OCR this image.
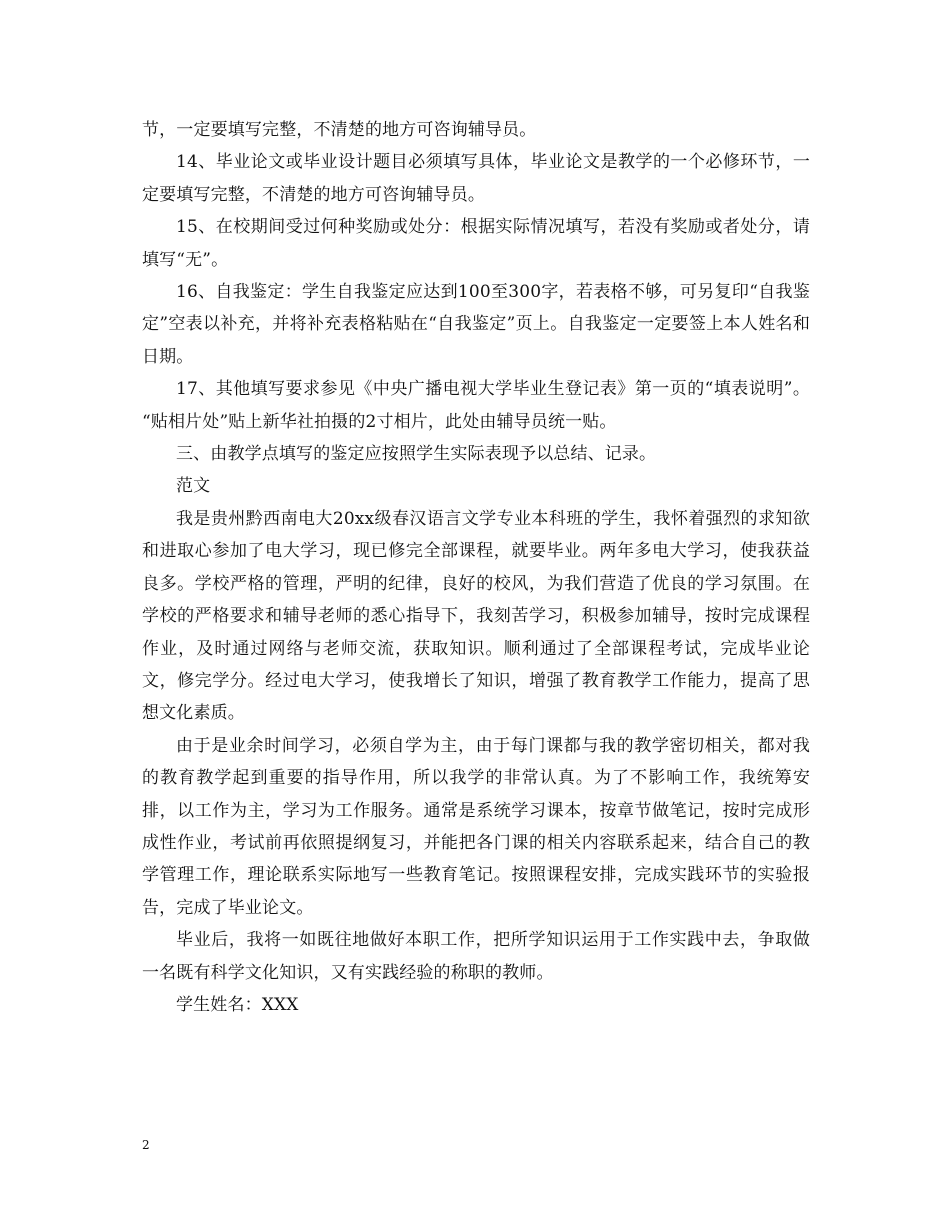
节，一定要填写完整，不清楚的地方可咨询辅导员。

14、毕业论文或毕业设计题目必须填写具体，毕业论文是教学的一个必修环节，一定要填写完整，不清楚的地方可咨询辅导员。

15、在校期间受过何种奖励或处分：根据实际情况填写，若没有奖励或者处分，请填写“无”。

16、自我鉴定：学生自我鉴定应达到100至300字，若表格不够，可另复印“自我鉴定”空表以补充，并将补充表格粘贴在“自我鉴定”页上。自我鉴定一定要签上本人姓名和日期。

17、其他填写要求参见《中央广播电视大学毕业生登记表》第一页的“填表说明”。 “贴相片处”贴上新华社拍摄的2寸相片，此处由辅导员统一贴。

三、由教学点填写的鉴定应按照学生实际表现予以总结、记录。

范文

我是贵州黔西南电大20xx级春汉语言文学专业本科班的学生，我怀着强烈的求知欲和进取心参加了电大学习，现已修完全部课程，就要毕业。两年多电大学习，使我获益良多。学校严格的管理，严明的纪律，良好的校风，为我们营造了优良的学习氛围。在学校的严格要求和辅导老师的悉心指导下，我刻苦学习，积极参加辅导，按时完成课程作业，及时通过网络与老师交流，获取知识。顺利通过了全部课程考试，完成毕业论文，修完学分。经过电大学习，使我增长了知识，增强了教育教学工作能力，提高了思想文化素质。

由于是业余时间学习，必须自学为主，由于每门课都与我的教学密切相关，都对我的教育教学起到重要的指导作用，所以我学的非常认真。为了不影响工作，我统筹安排，以工作为主，学习为工作服务。通常是系统学习课本，按章节做笔记，按时完成形成性作业，考试前再依照提纲复习，并能把各门课的相关内容联系起来，结合自己的教学管理工作，理论联系实际地写一些教育笔记。按照课程安排，完成实践环节的实验报告，完成了毕业论文。

毕业后，我将一如既往地做好本职工作，把所学知识运用于工作实践中去，争取做一名既有科学文化知识，又有实践经验的称职的教师。

学生姓名：XXX

2
